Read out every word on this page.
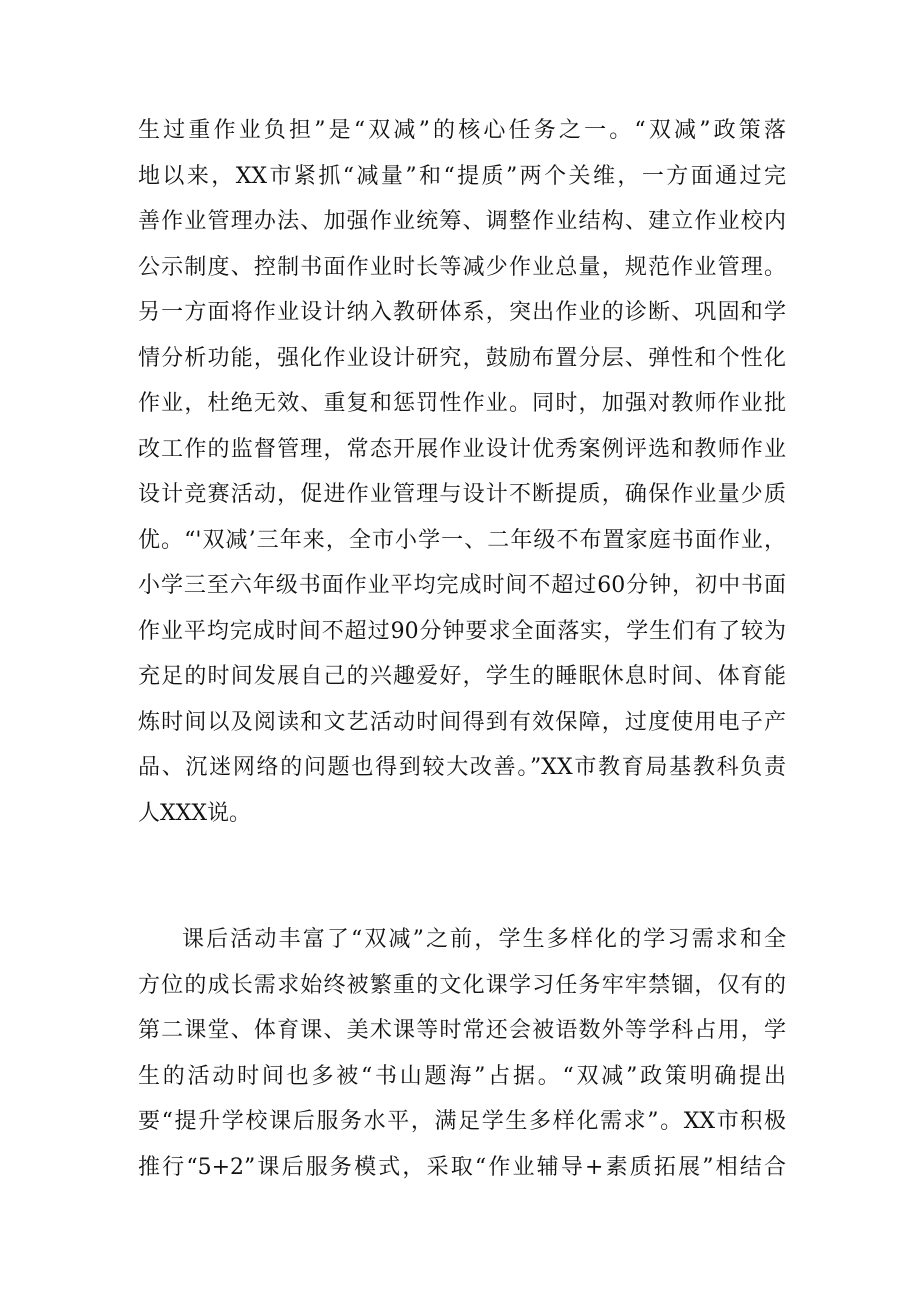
生过重作业负担”是“双减”的核心任务之一。“双减”政策落
地以来，XX市紧抓“减量”和“提质”两个关维，一方面通过完
善作业管理办法、加强作业统筹、调整作业结构、建立作业校内
公示制度、控制书面作业时长等减少作业总量，规范作业管理。
另一方面将作业设计纳入教研体系，突出作业的诊断、巩固和学
情分析功能，强化作业设计研究，鼓励布置分层、弹性和个性化
作业，杜绝无效、重复和惩罚性作业。同时，加强对教师作业批
改工作的监督管理，常态开展作业设计优秀案例评选和教师作业
设计竞赛活动，促进作业管理与设计不断提质，确保作业量少质
优。“'双减’三年来，全市小学一、二年级不布置家庭书面作业，
小学三至六年级书面作业平均完成时间不超过60分钟，初中书面
作业平均完成时间不超过90分钟要求全面落实，学生们有了较为
充足的时间发展自己的兴趣爱好，学生的睡眠休息时间、体育能
炼时间以及阅读和文艺活动时间得到有效保障，过度使用电子产
品、沉迷网络的问题也得到较大改善。”XX市教育局基教科负责
人XXX说。
课后活动丰富了“双减”之前，学生多样化的学习需求和全
方位的成长需求始终被繁重的文化课学习任务牢牢禁锢，仅有的
第二课堂、体育课、美术课等时常还会被语数外等学科占用，学
生的活动时间也多被“书山题海”占据。“双减”政策明确提出
要“提升学校课后服务水平，满足学生多样化需求”。XX市积极
推行“5+2”课后服务模式，采取“作业辅导+素质拓展”相结合
